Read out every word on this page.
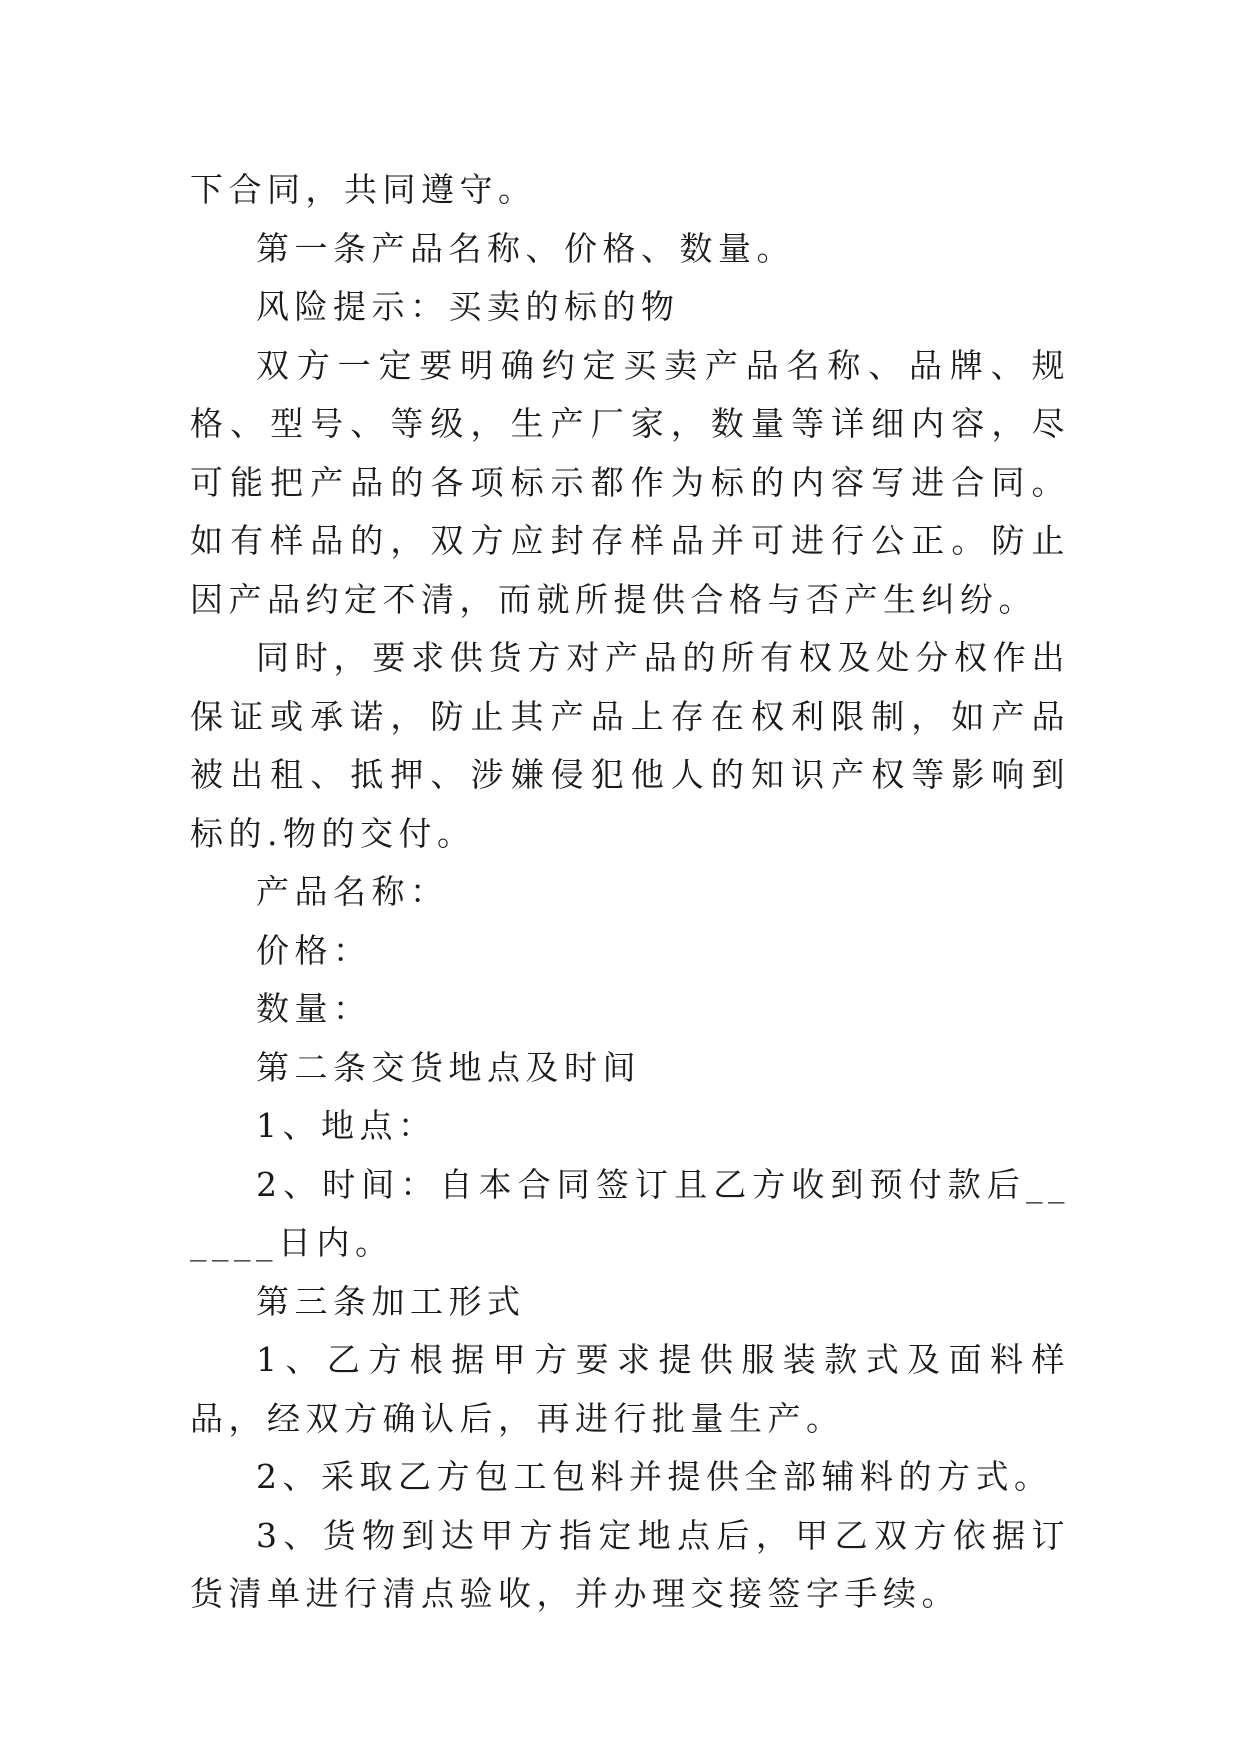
下合同，共同遵守。

第一条产品名称、价格、数量。

风险提示：买卖的标的物

双方一定要明确约定买卖产品名称、品牌、规格、型号、等级，生产厂家，数量等详细内容，尽可能把产品的各项标示都作为标的内容写进合同。如有样品的，双方应封存样品并可进行公正。防止因产品约定不清，而就所提供合格与否产生纠纷。

同时，要求供货方对产品的所有权及处分权作出保证或承诺，防止其产品上存在权利限制，如产品被出租、抵押、涉嫌侵犯他人的知识产权等影响到标的.物的交付。

产品名称：

价格：

数量：

第二条交货地点及时间

1、地点：

2、时间：自本合同签订且乙方收到预付款后______日内。

第三条加工形式

1、乙方根据甲方要求提供服装款式及面料样品，经双方确认后，再进行批量生产。

2、采取乙方包工包料并提供全部辅料的方式。

3、货物到达甲方指定地点后，甲乙双方依据订货清单进行清点验收，并办理交接签字手续。
